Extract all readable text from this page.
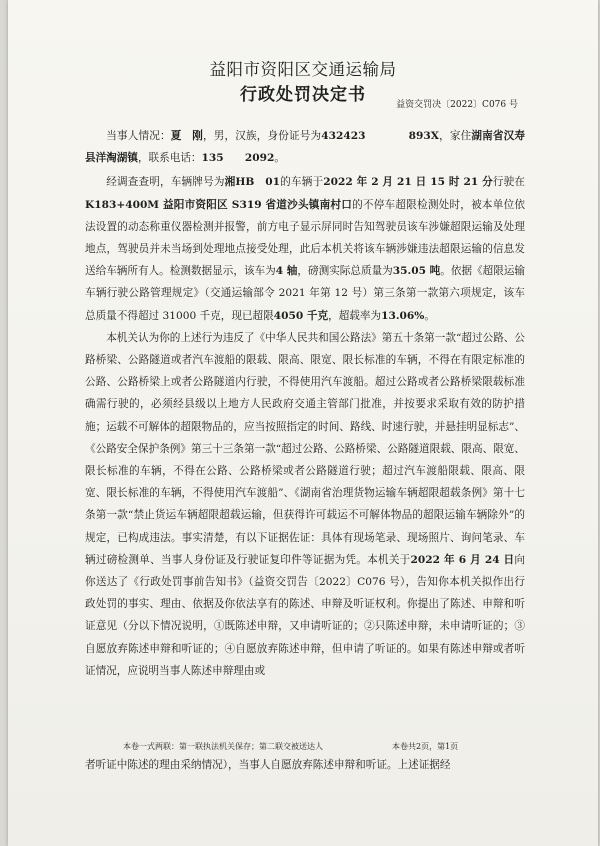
益阳市资阳区交通运输局
行政处罚决定书	益资交罚决〔2022〕C076 号

当事人情况：夏　刚，男，汉族，身份证号为432423　　　　893X，家住湖南省汉寿县洋淘湖镇，联系电话：135　　2092。

经调查查明，车辆牌号为湘HB　01的车辆于2022 年 2 月 21 日 15 时 21 分行驶在K183+400M 益阳市资阳区 S319 省道沙头镇南村口的不停车超限检测处时，被本单位依法设置的动态称重仪器检测并报警，前方电子显示屏同时告知驾驶员该车涉嫌超限运输及处理地点，驾驶员并未当场到处理地点接受处理，此后本机关将该车辆涉嫌违法超限运输的信息发送给车辆所有人。检测数据显示，该车为4 轴，磅测实际总质量为35.05 吨。依据《超限运输车辆行驶公路管理规定》（交通运输部令 2021 年第 12 号）第三条第一款第六项规定，该车总质量不得超过 31000 千克，现已超限4050 千克，超载率为13.06%。

本机关认为你的上述行为违反了《中华人民共和国公路法》第五十条第一款“超过公路、公路桥梁、公路隧道或者汽车渡船的限载、限高、限宽、限长标准的车辆，不得在有限定标准的公路、公路桥梁上或者公路隧道内行驶，不得使用汽车渡船。超过公路或者公路桥梁限载标准确需行驶的，必须经县级以上地方人民政府交通主管部门批准，并按要求采取有效的防护措施；运载不可解体的超限物品的，应当按照指定的时间、路线、时速行驶，并悬挂明显标志”、《公路安全保护条例》第三十三条第一款“超过公路、公路桥梁、公路隧道限载、限高、限宽、限长标准的车辆，不得在公路、公路桥梁或者公路隧道行驶；超过汽车渡船限载、限高、限宽、限长标准的车辆，不得使用汽车渡船”、《湖南省治理货物运输车辆超限超载条例》第十七条第一款“禁止货运车辆超限超载运输，但获得许可载运不可解体物品的超限运输车辆除外”的规定，已构成违法。事实清楚，有以下证据佐证：具体有现场笔录、现场照片、询问笔录、车辆过磅检测单、当事人身份证及行驶证复印件等证据为凭。本机关于2022 年 6 月 24 日向你送达了《行政处罚事前告知书》（益资交罚告〔2022〕C076 号），告知你本机关拟作出行政处罚的事实、理由、依据及你依法享有的陈述、申辩及听证权利。你提出了陈述、申辩和听证意见（分以下情况说明，①既陈述申辩，又申请听证的；②只陈述申辩，未申请听证的；③自愿放弃陈述申辩和听证的；④自愿放弃陈述申辩，但申请了听证的。如果有陈述申辩或者听证情况，应说明当事人陈述申辩理由或

本卷一式两联：第一联执法机关保存；第二联交被送达人	本卷共2页，第1页
者听证中陈述的理由采纳情况），当事人自愿放弃陈述申辩和听证。上述证据经
